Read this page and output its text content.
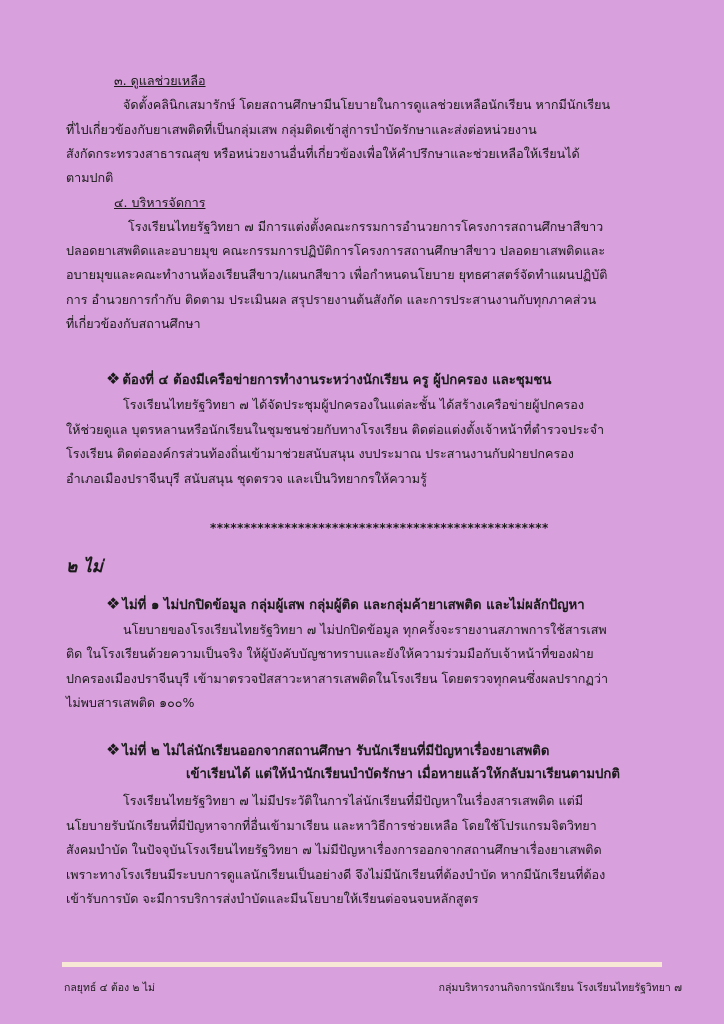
๓. ดูแลช่วยเหลือ
จัดตั้งคลินิกเสมารักษ์ โดยสถานศึกษามีนโยบายในการดูแลช่วยเหลือนักเรียน หากมีนักเรียน
ที่ไปเกี่ยวข้องกับยาเสพติดที่เป็นกลุ่มเสพ กลุ่มติดเข้าสู่การบำบัดรักษาและส่งต่อหน่วยงาน
สังกัดกระทรวงสาธารณสุข หรือหน่วยงานอื่นที่เกี่ยวข้องเพื่อให้คำปรึกษาและช่วยเหลือให้เรียนได้
ตามปกติ
๔. บริหารจัดการ
โรงเรียนไทยรัฐวิทยา ๗ มีการแต่งตั้งคณะกรรมการอำนวยการโครงการสถานศึกษาสีขาว
ปลอดยาเสพติดและอบายมุข คณะกรรมการปฏิบัติการโครงการสถานศึกษาสีขาว ปลอดยาเสพติดและ
อบายมุขและคณะทำงานห้องเรียนสีขาว/แผนกสีขาว เพื่อกำหนดนโยบาย ยุทธศาสตร์จัดทำแผนปฏิบัติ
การ อำนวยการกำกับ ติดตาม ประเมินผล สรุปรายงานต้นสังกัด และการประสานงานกับทุกภาคส่วน
ที่เกี่ยวข้องกับสถานศึกษา
❖ ต้องที่ ๔ ต้องมีเครือข่ายการทำงานระหว่างนักเรียน ครู ผู้ปกครอง และชุมชน
โรงเรียนไทยรัฐวิทยา ๗ ได้จัดประชุมผู้ปกครองในแต่ละชั้น ได้สร้างเครือข่ายผู้ปกครอง
ให้ช่วยดูแล บุตรหลานหรือนักเรียนในชุมชนช่วยกับทางโรงเรียน ติดต่อแต่งตั้งเจ้าหน้าที่ตำรวจประจำ
โรงเรียน ติดต่อองค์กรส่วนท้องถิ่นเข้ามาช่วยสนับสนุน งบประมาณ ประสานงานกับฝ่ายปกครอง
อำเภอเมืองปราจีนบุรี สนับสนุน ชุดตรวจ และเป็นวิทยากรให้ความรู้
**************************************************
๒ ไม่
❖ ไม่ที่ ๑ ไม่ปกปิดข้อมูล กลุ่มผู้เสพ กลุ่มผู้ติด และกลุ่มค้ายาเสพติด และไม่ผลักปัญหา
นโยบายของโรงเรียนไทยรัฐวิทยา ๗ ไม่ปกปิดข้อมูล ทุกครั้งจะรายงานสภาพการใช้สารเสพ
ติด ในโรงเรียนด้วยความเป็นจริง ให้ผู้บังคับบัญชาทราบและยังให้ความร่วมมือกับเจ้าหน้าที่ของฝ่าย
ปกครองเมืองปราจีนบุรี เข้ามาตรวจปัสสาวะหาสารเสพติดในโรงเรียน โดยตรวจทุกคนซึ่งผลปรากฏว่า
ไม่พบสารเสพติด ๑๐๐%
❖ ไม่ที่ ๒ ไม่ไล่นักเรียนออกจากสถานศึกษา รับนักเรียนที่มีปัญหาเรื่องยาเสพติด
เข้าเรียนได้ แต่ให้นำนักเรียนบำบัดรักษา เมื่อหายแล้วให้กลับมาเรียนตามปกติ
โรงเรียนไทยรัฐวิทยา ๗ ไม่มีประวัติในการไล่นักเรียนที่มีปัญหาในเรื่องสารเสพติด แต่มี
นโยบายรับนักเรียนที่มีปัญหาจากที่อื่นเข้ามาเรียน และหาวิธีการช่วยเหลือ โดยใช้โปรแกรมจิตวิทยา
สังคมบำบัด ในปัจจุบันโรงเรียนไทยรัฐวิทยา ๗ ไม่มีปัญหาเรื่องการออกจากสถานศึกษาเรื่องยาเสพติด
เพราะทางโรงเรียนมีระบบการดูแลนักเรียนเป็นอย่างดี จึงไม่มีนักเรียนที่ต้องบำบัด หากมีนักเรียนที่ต้อง
เข้ารับการบัด จะมีการบริการส่งบำบัดและมีนโยบายให้เรียนต่อจนจบหลักสูตร
กลยุทธ์ ๔ ต้อง ๒ ไม่	กลุ่มบริหารงานกิจการนักเรียน โรงเรียนไทยรัฐวิทยา ๗
